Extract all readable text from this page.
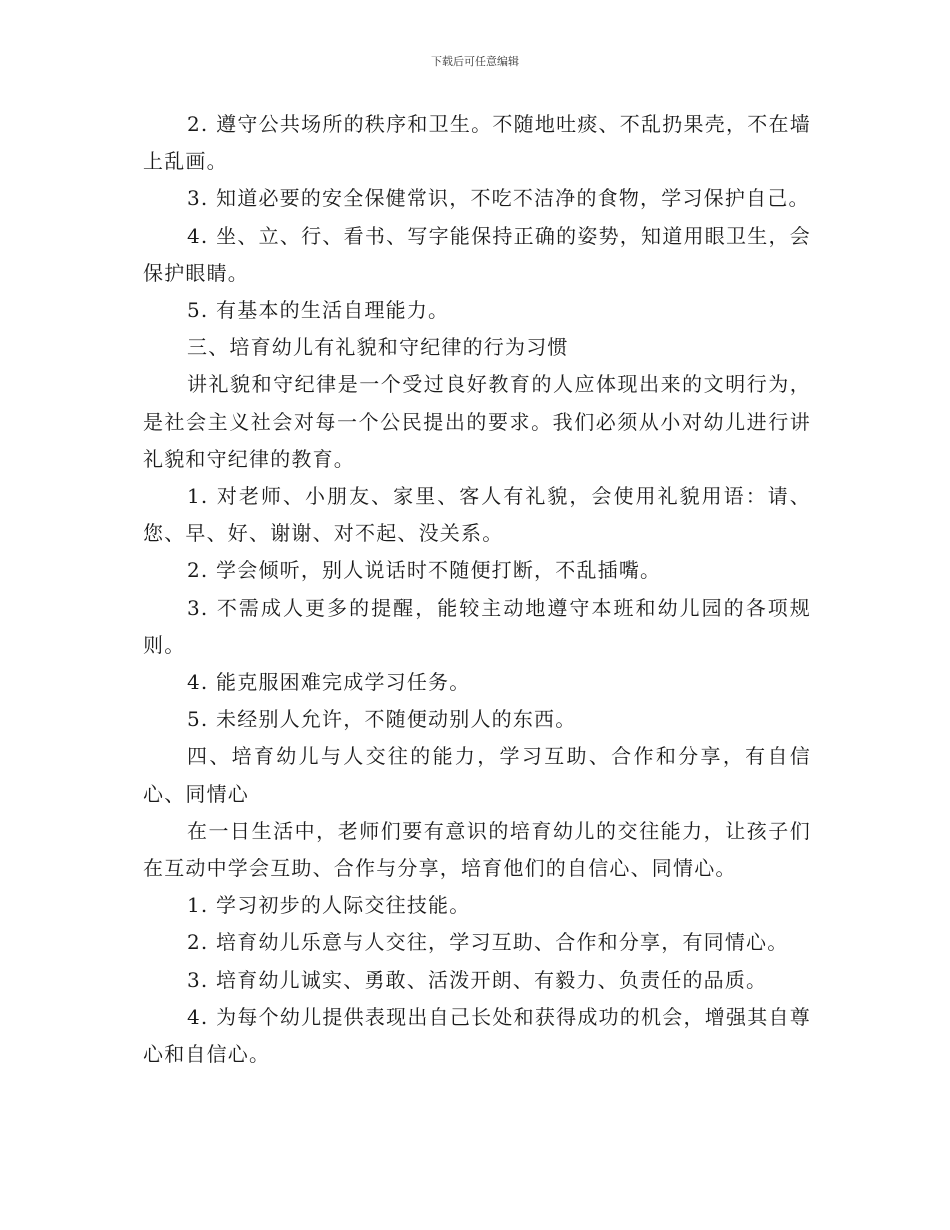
下载后可任意编辑

2. 遵守公共场所的秩序和卫生。不随地吐痰、不乱扔果壳，不在墙上乱画。

3. 知道必要的安全保健常识，不吃不洁净的食物，学习保护自己。

4. 坐、立、行、看书、写字能保持正确的姿势，知道用眼卫生，会保护眼睛。

5. 有基本的生活自理能力。

三、培育幼儿有礼貌和守纪律的行为习惯

讲礼貌和守纪律是一个受过良好教育的人应体现出来的文明行为，是社会主义社会对每一个公民提出的要求。我们必须从小对幼儿进行讲礼貌和守纪律的教育。

1. 对老师、小朋友、家里、客人有礼貌，会使用礼貌用语：请、您、早、好、谢谢、对不起、没关系。

2. 学会倾听，别人说话时不随便打断，不乱插嘴。

3. 不需成人更多的提醒，能较主动地遵守本班和幼儿园的各项规则。

4. 能克服困难完成学习任务。

5. 未经别人允许，不随便动别人的东西。

四、培育幼儿与人交往的能力，学习互助、合作和分享，有自信心、同情心

在一日生活中，老师们要有意识的培育幼儿的交往能力，让孩子们在互动中学会互助、合作与分享，培育他们的自信心、同情心。

1. 学习初步的人际交往技能。

2. 培育幼儿乐意与人交往，学习互助、合作和分享，有同情心。

3. 培育幼儿诚实、勇敢、活泼开朗、有毅力、负责任的品质。

4. 为每个幼儿提供表现出自己长处和获得成功的机会，增强其自尊心和自信心。
